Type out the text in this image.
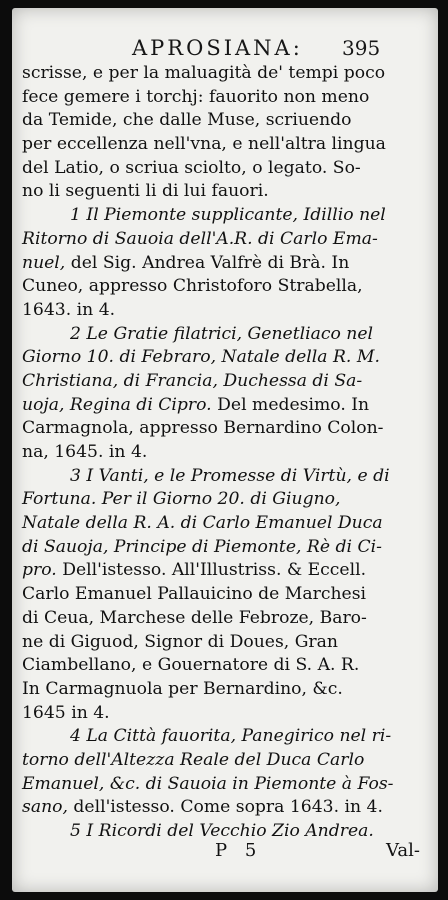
APROSIANA: 395
scrisse, e per la maluagità de' tempi poco
fece gemere i torchj: fauorito non meno
da Temide, che dalle Muse, scriuendo
per eccellenza nell'vna, e nell'altra lingua
del Latio, o scriua sciolto, o legato. So-
no li seguenti li di lui fauori.
1 Il Piemonte supplicante, Idillio nel
Ritorno di Sauoia dell'A.R. di Carlo Ema-
nuel, del Sig. Andrea Valfrè di Brà. In
Cuneo, appresso Christoforo Strabella,
1643. in 4.
2 Le Gratie filatrici, Genetliaco nel
Giorno 10. di Febraro, Natale della R. M.
Christiana, di Francia, Duchessa di Sa-
uoja, Regina di Cipro. Del medesimo. In
Carmagnola, appresso Bernardino Colon-
na, 1645. in 4.
3 I Vanti, e le Promesse di Virtù, e di
Fortuna. Per il Giorno 20. di Giugno,
Natale della R. A. di Carlo Emanuel Duca
di Sauoja, Principe di Piemonte, Rè di Ci-
pro. Dell'istesso. All'Illustriss. & Eccell.
Carlo Emanuel Pallauicino de Marchesi
di Ceua, Marchese delle Febroze, Baro-
ne di Giguod, Signor di Doues, Gran
Ciambellano, e Gouernatore di S. A. R.
In Carmagnuola per Bernardino, &c.
1645 in 4.
4 La Città fauorita, Panegirico nel ri-
torno dell'Altezza Reale del Duca Carlo
Emanuel, &c. di Sauoia in Piemonte à Fos-
sano, dell'istesso. Come sopra 1643. in 4.
5 I Ricordi del Vecchio Zio Andrea.
P 5	Val-
